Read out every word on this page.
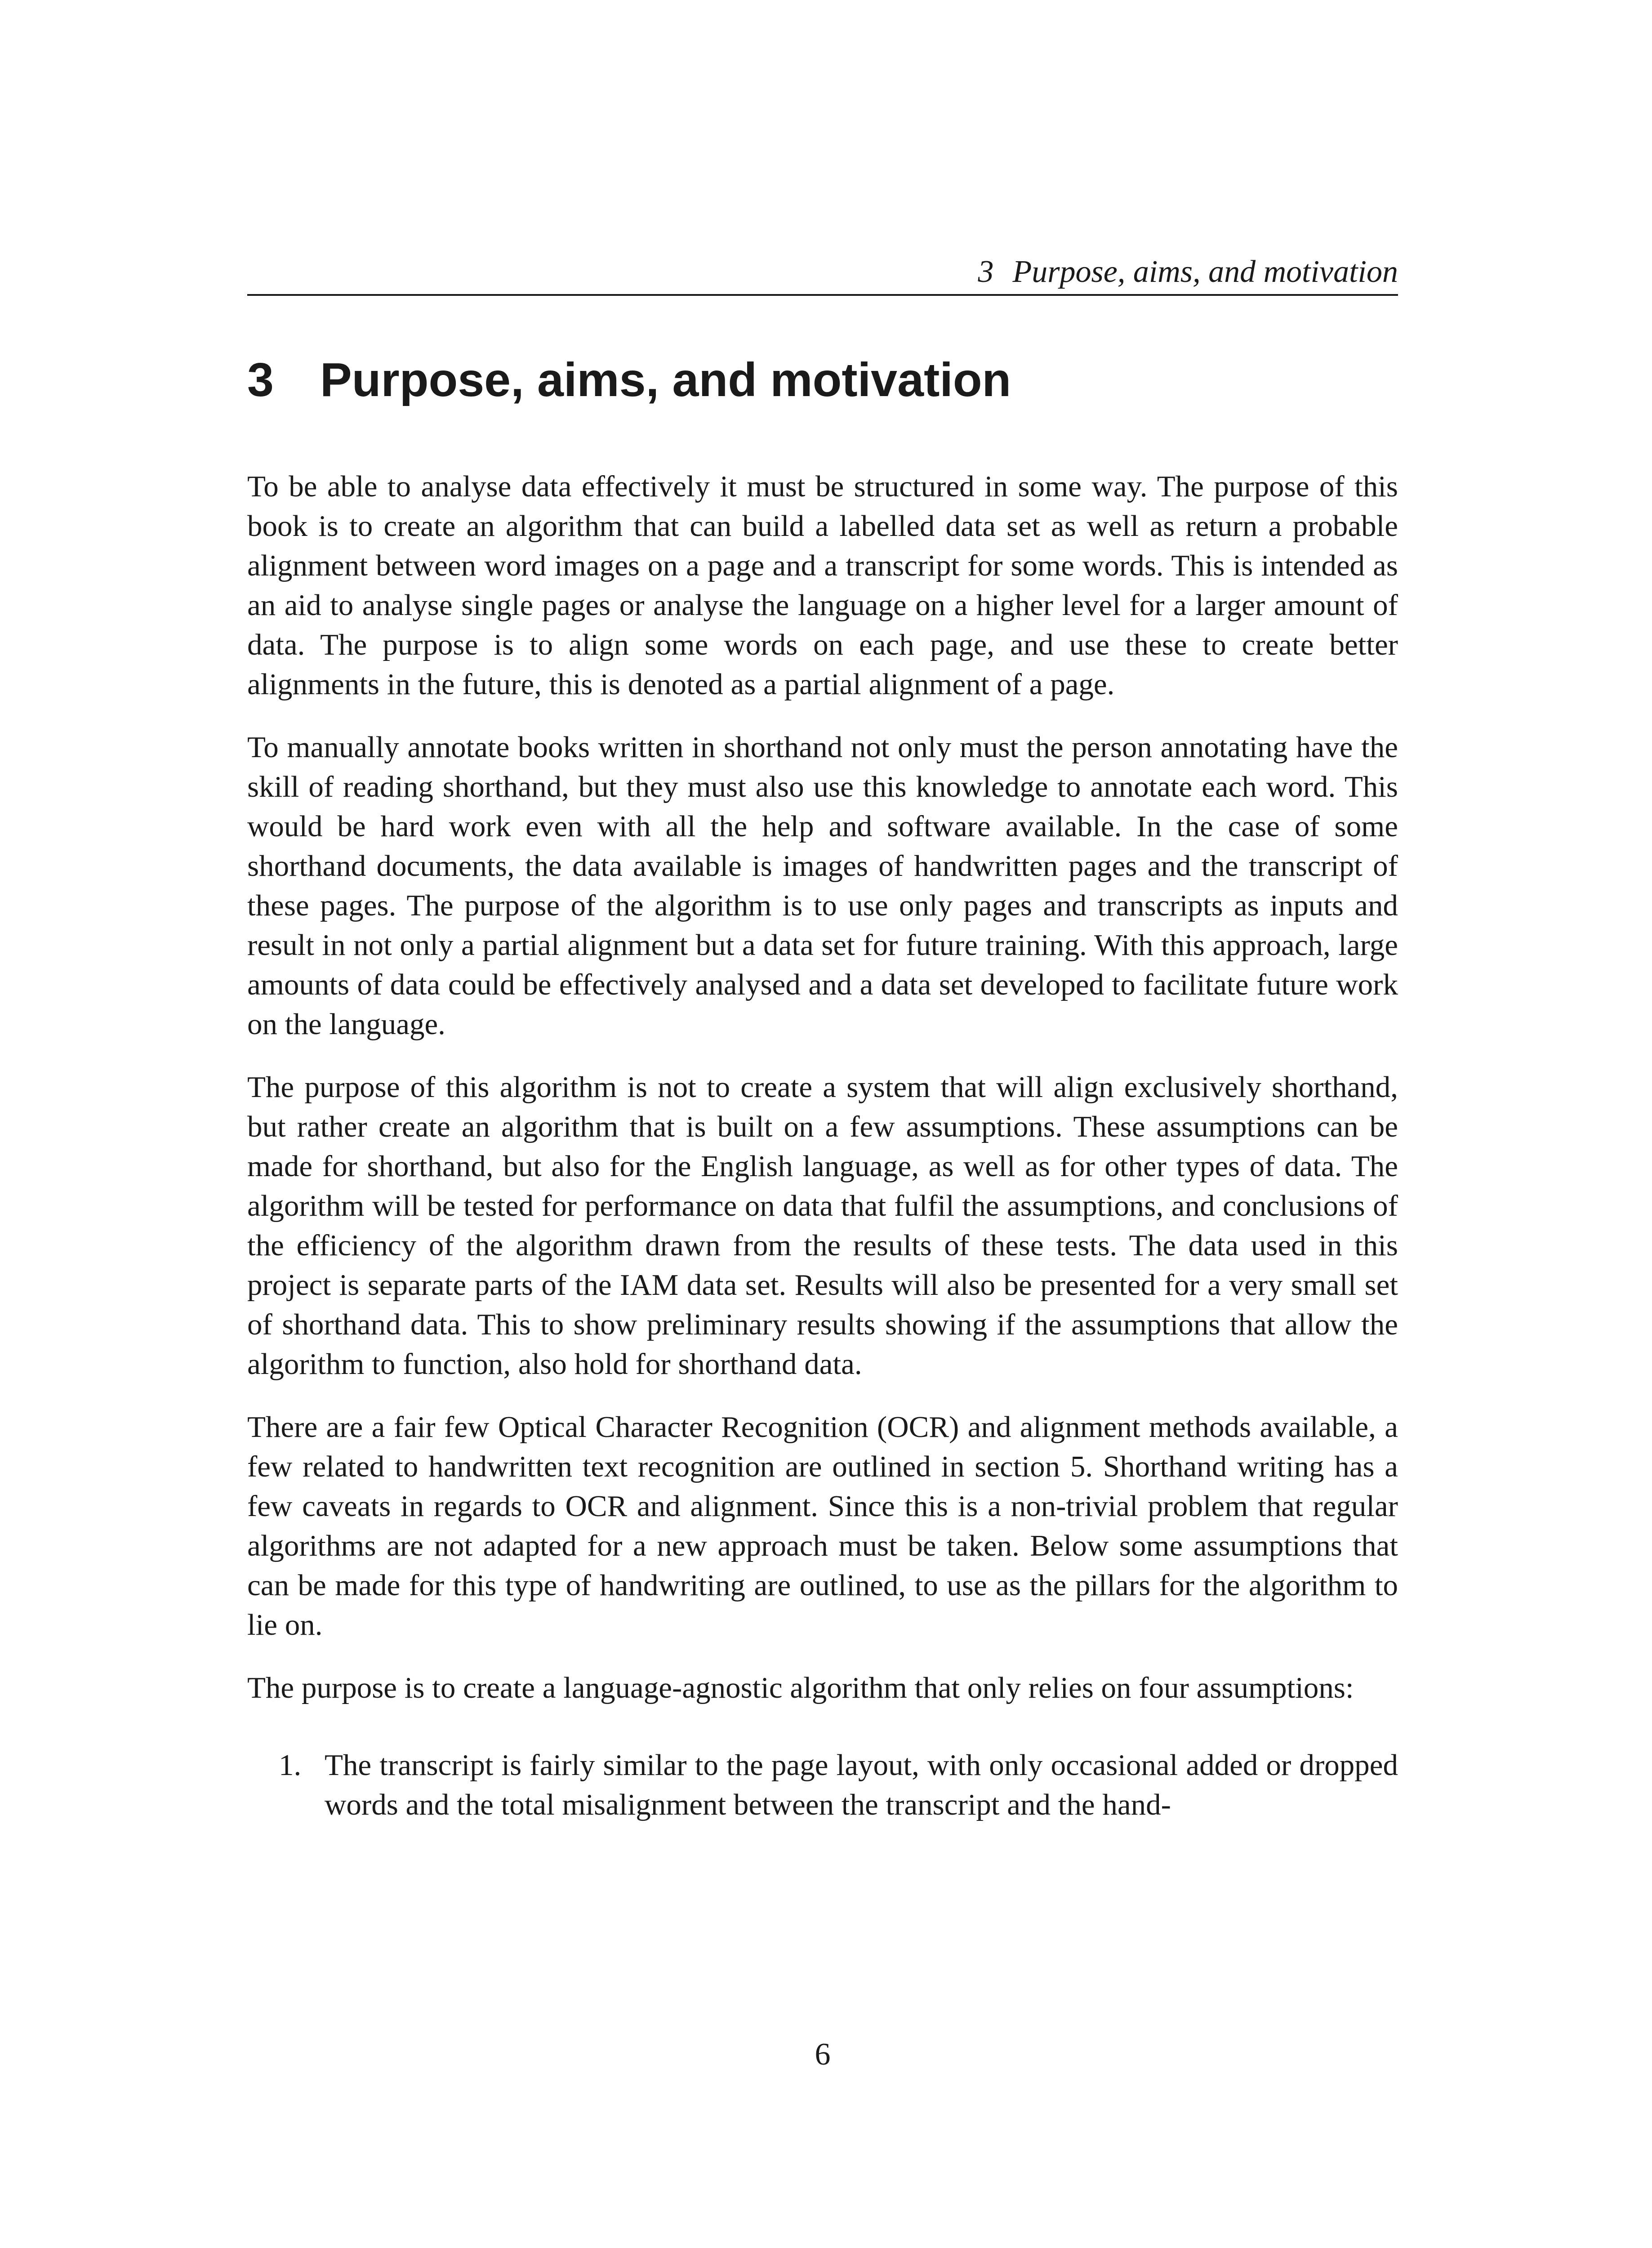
3 Purpose, aims, and motivation
3 Purpose, aims, and motivation

To be able to analyse data effectively it must be structured in some way. The purpose of this book is to create an algorithm that can build a labelled data set as well as return a probable alignment between word images on a page and a transcript for some words. This is intended as an aid to analyse single pages or analyse the language on a higher level for a larger amount of data. The purpose is to align some words on each page, and use these to create better alignments in the future, this is denoted as a partial alignment of a page.

To manually annotate books written in shorthand not only must the person annotating have the skill of reading shorthand, but they must also use this knowledge to annotate each word. This would be hard work even with all the help and software available. In the case of some shorthand documents, the data available is images of handwritten pages and the transcript of these pages. The purpose of the algorithm is to use only pages and transcripts as inputs and result in not only a partial alignment but a data set for future training. With this approach, large amounts of data could be effectively analysed and a data set developed to facilitate future work on the language.

The purpose of this algorithm is not to create a system that will align exclusively shorthand, but rather create an algorithm that is built on a few assumptions. These assumptions can be made for shorthand, but also for the English language, as well as for other types of data. The algorithm will be tested for performance on data that fulfil the assumptions, and conclusions of the efficiency of the algorithm drawn from the results of these tests. The data used in this project is separate parts of the IAM data set. Results will also be presented for a very small set of shorthand data. This to show preliminary results showing if the assumptions that allow the algorithm to function, also hold for shorthand data.

There are a fair few Optical Character Recognition (OCR) and alignment methods available, a few related to handwritten text recognition are outlined in section 5. Shorthand writing has a few caveats in regards to OCR and alignment. Since this is a non-trivial problem that regular algorithms are not adapted for a new approach must be taken. Below some assumptions that can be made for this type of handwriting are outlined, to use as the pillars for the algorithm to lie on.

The purpose is to create a language-agnostic algorithm that only relies on four assumptions:

1. The transcript is fairly similar to the page layout, with only occasional added or dropped words and the total misalignment between the transcript and the hand-
6
